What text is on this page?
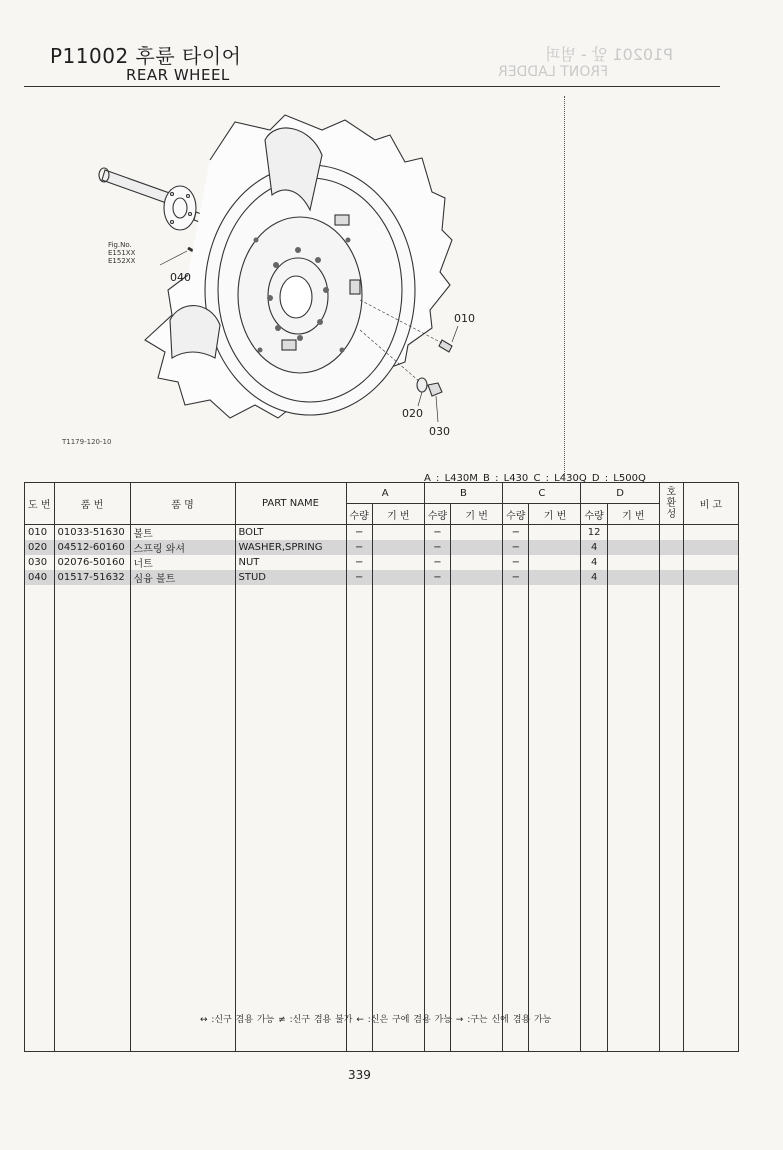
P10201 앞 - 범퍼
FRONT LADDER
P11002 후륜 타이어
REAR WHEEL
Fig.No.
E151XX
E152XX
010
020
030
040
T1179-120-10
A : L430M B : L430 C : L430Q D : L500Q
도 번	품 번	품 명	PART NAME	A		B		C		D		호 환 성	비 고
				수량	기 번	수량	기 번	수량	기 번	수량	기 번		
010	01033-51630	볼트	BOLT	−		−		−		12			
020	04512-60160	스프링 와셔	WASHER,SPRING	−		−		−		4			
030	02076-50160	너트	NUT	−		−		−		4			
040	01517-51632	심융 볼트	STUD	−		−		−		4			

↔ :신구 겸용 가능 ≠ :신구 겸용 불가 ← :신은 구에 겸용 가능 → :구는 신에 겸용 가능
339
